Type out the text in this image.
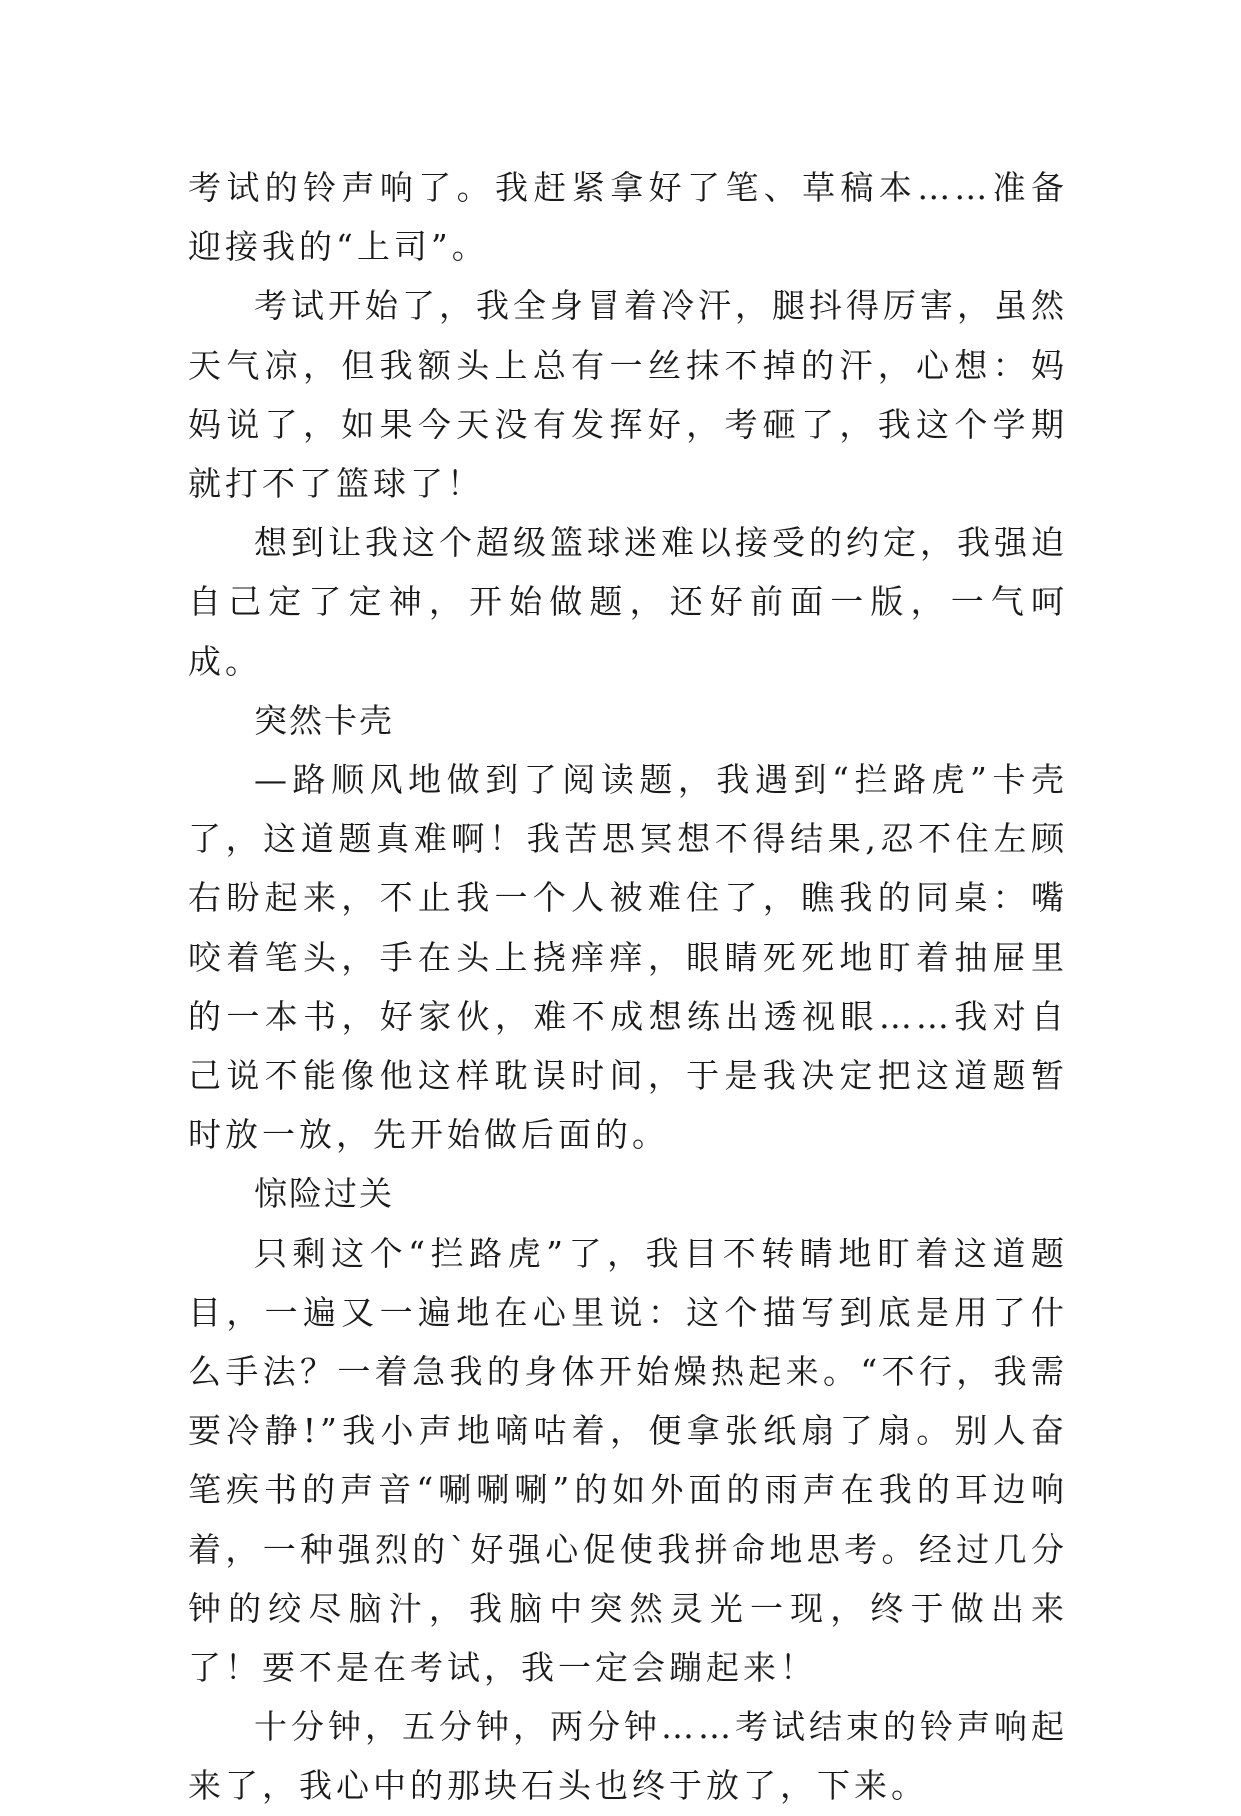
考试的铃声响了。我赶紧拿好了笔、草稿本……准备迎接我的“上司”。

考试开始了，我全身冒着冷汗，腿抖得厉害，虽然天气凉，但我额头上总有一丝抹不掉的汗，心想：妈妈说了，如果今天没有发挥好，考砸了，我这个学期就打不了篮球了！

想到让我这个超级篮球迷难以接受的约定，我强迫自己定了定神，开始做题，还好前面一版，一气呵成。

突然卡壳

—路顺风地做到了阅读题，我遇到“拦路虎”卡壳了，这道题真难啊！我苦思冥想不得结果,忍不住左顾右盼起来，不止我一个人被难住了，瞧我的同桌：嘴咬着笔头，手在头上挠痒痒，眼睛死死地盯着抽屉里的一本书，好家伙，难不成想练出透视眼……我对自己说不能像他这样耽误时间，于是我决定把这道题暂时放一放，先开始做后面的。

惊险过关

只剩这个“拦路虎”了，我目不转睛地盯着这道题目，一遍又一遍地在心里说：这个描写到底是用了什么手法？一着急我的身体开始燥热起来。“不行，我需要冷静!”我小声地嘀咕着，便拿张纸扇了扇。别人奋笔疾书的声音“唰唰唰”的如外面的雨声在我的耳边响着，一种强烈的`好强心促使我拼命地思考。经过几分钟的绞尽脑汁，我脑中突然灵光一现，终于做出来了！要不是在考试，我一定会蹦起来！

十分钟，五分钟，两分钟……考试结束的铃声响起来了，我心中的那块石头也终于放了，下来。
